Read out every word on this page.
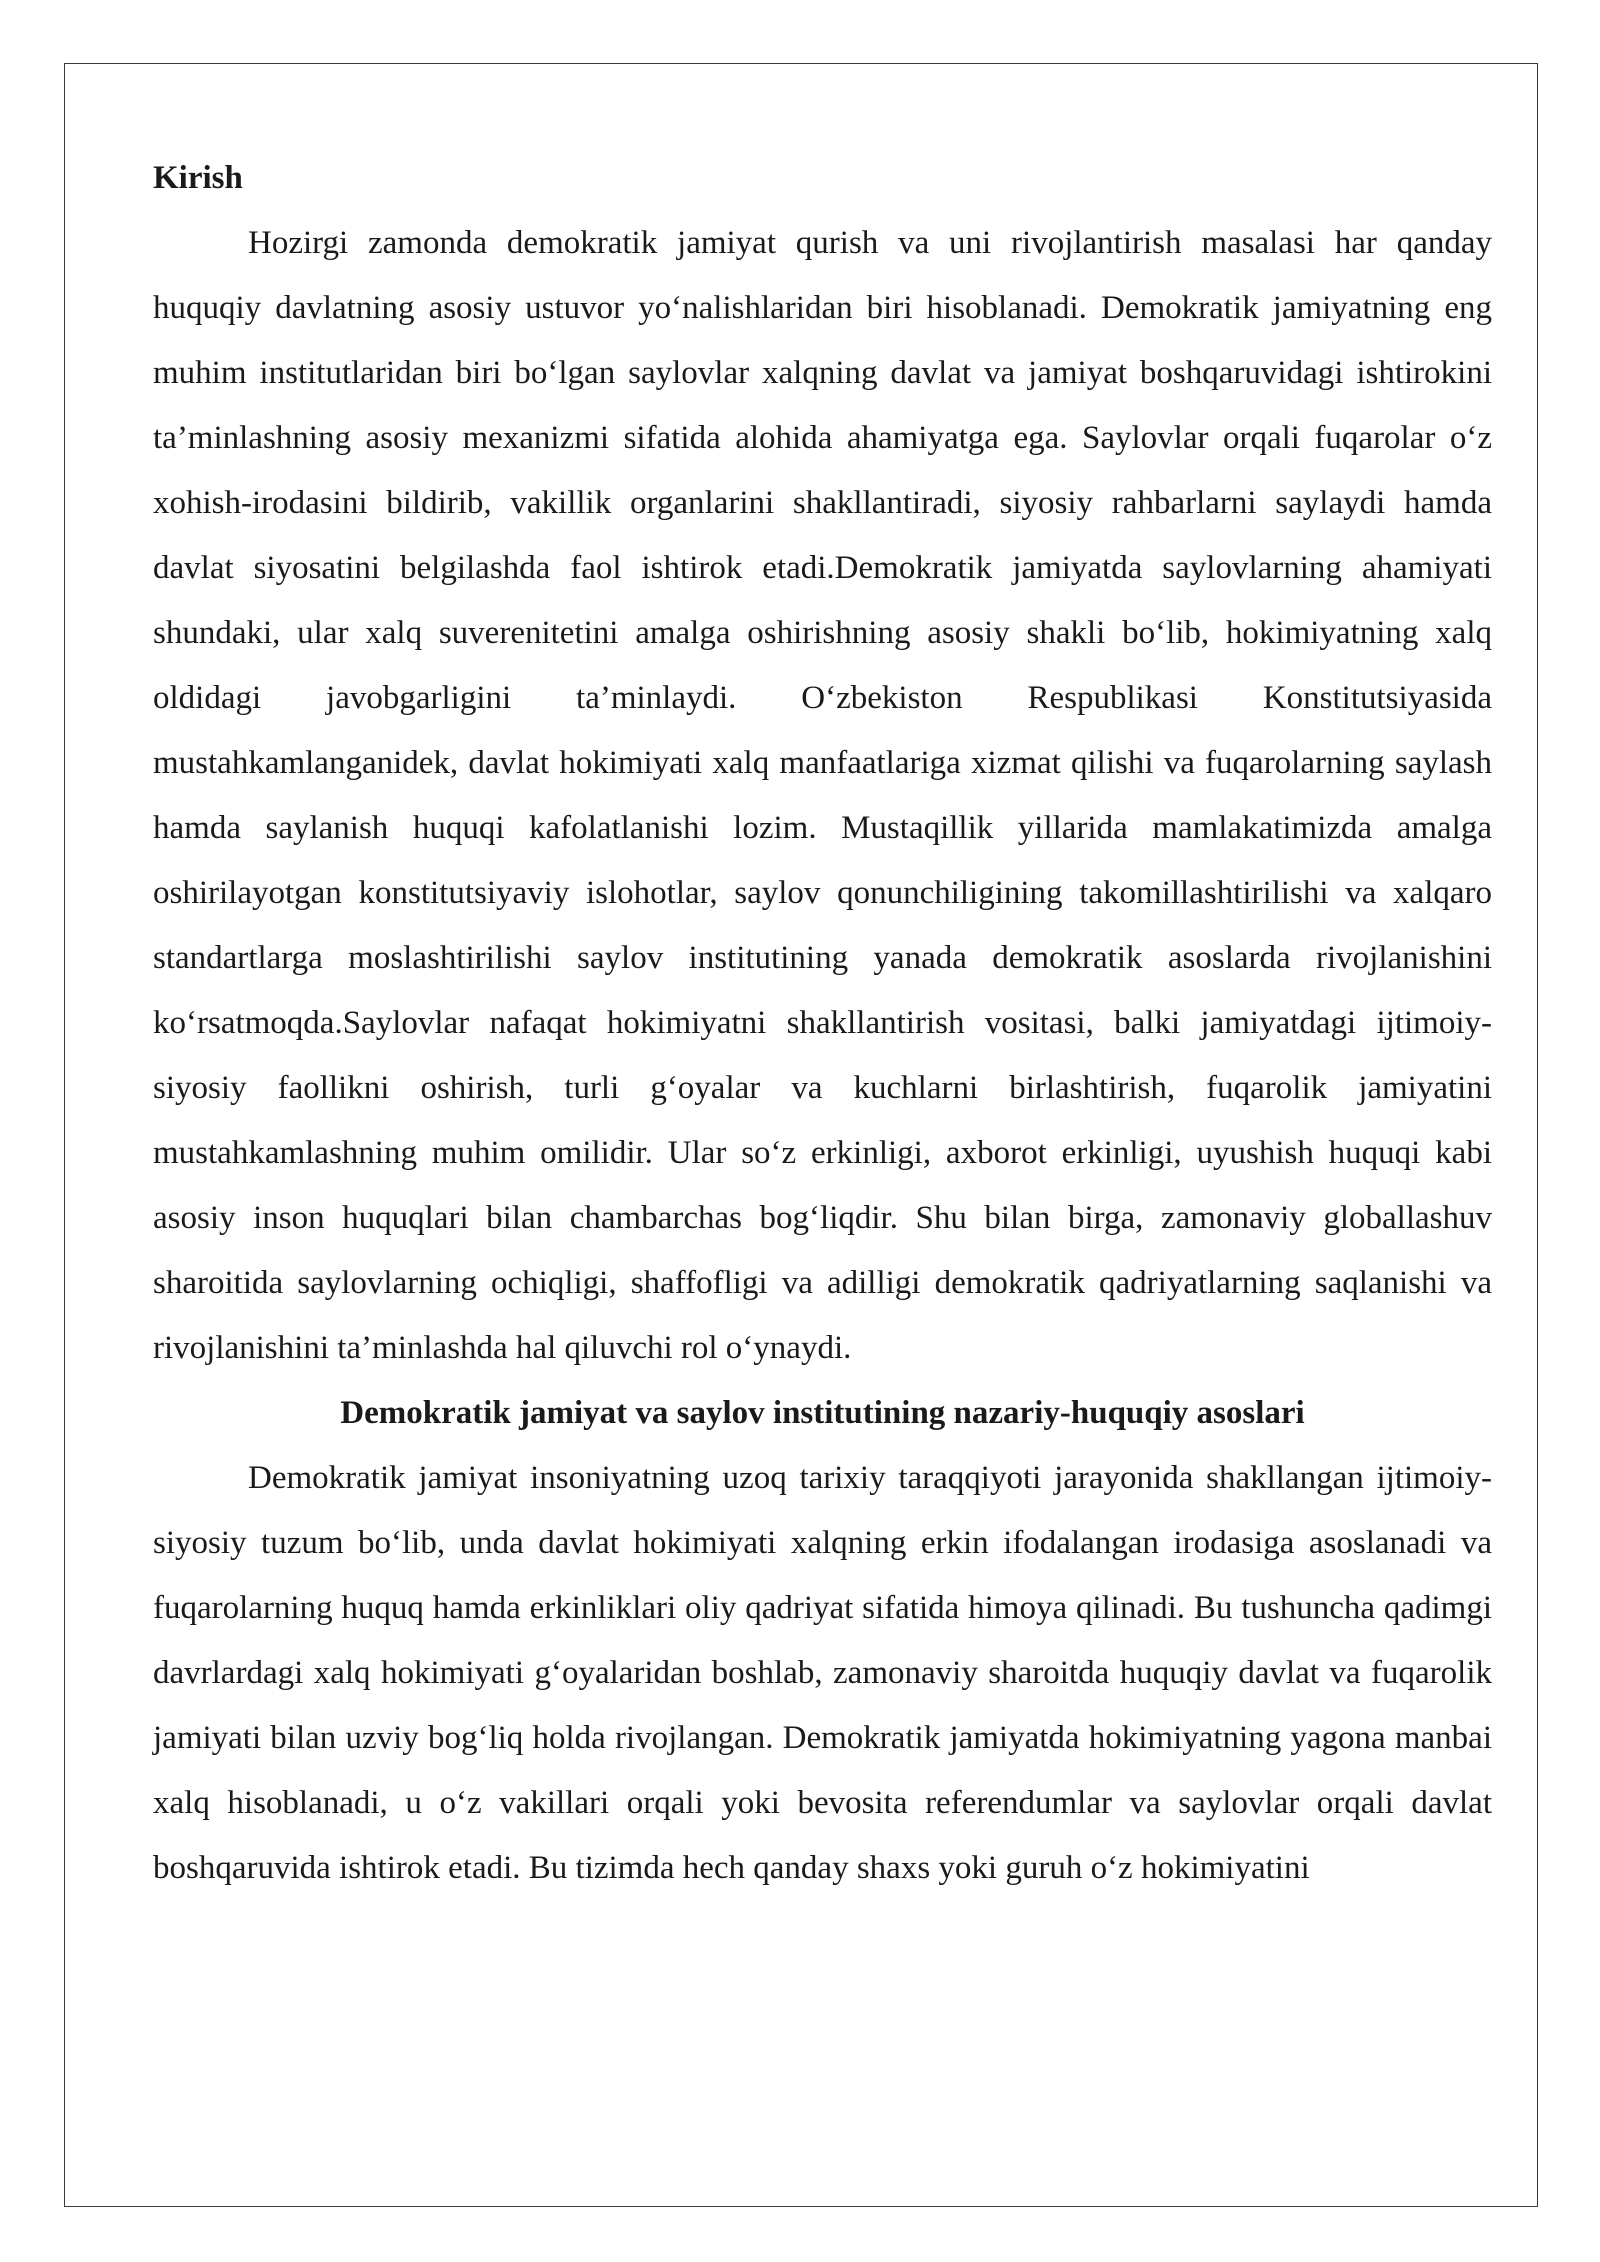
Kirish

Hozirgi zamonda demokratik jamiyat qurish va uni rivojlantirish masalasi har qanday huquqiy davlatning asosiy ustuvor yo‘nalishlaridan biri hisoblanadi. Demokratik jamiyatning eng muhim institutlaridan biri bo‘lgan saylovlar xalqning davlat va jamiyat boshqaruvidagi ishtirokini ta’minlashning asosiy mexanizmi sifatida alohida ahamiyatga ega. Saylovlar orqali fuqarolar o‘z xohish-irodasini bildirib, vakillik organlarini shakllantiradi, siyosiy rahbarlarni saylaydi hamda davlat siyosatini belgilashda faol ishtirok etadi.Demokratik jamiyatda saylovlarning ahamiyati shundaki, ular xalq suverenitetini amalga oshirishning asosiy shakli bo‘lib, hokimiyatning xalq oldidagi javobgarligini ta’minlaydi. O‘zbekiston Respublikasi Konstitutsiyasida mustahkamlanganidek, davlat hokimiyati xalq manfaatlariga xizmat qilishi va fuqarolarning saylash hamda saylanish huquqi kafolatlanishi lozim. Mustaqillik yillarida mamlakatimizda amalga oshirilayotgan konstitutsiyaviy islohotlar, saylov qonunchiligining takomillashtirilishi va xalqaro standartlarga moslashtirilishi saylov institutining yanada demokratik asoslarda rivojlanishini ko‘rsatmoqda.Saylovlar nafaqat hokimiyatni shakllantirish vositasi, balki jamiyatdagi ijtimoiy-siyosiy faollikni oshirish, turli g‘oyalar va kuchlarni birlashtirish, fuqarolik jamiyatini mustahkamlashning muhim omilidir. Ular so‘z erkinligi, axborot erkinligi, uyushish huquqi kabi asosiy inson huquqlari bilan chambarchas bog‘liqdir. Shu bilan birga, zamonaviy globallashuv sharoitida saylovlarning ochiqligi, shaffofligi va adilligi demokratik qadriyatlarning saqlanishi va rivojlanishini ta’minlashda hal qiluvchi rol o‘ynaydi.

Demokratik jamiyat va saylov institutining nazariy-huquqiy asoslari

Demokratik jamiyat insoniyatning uzoq tarixiy taraqqiyoti jarayonida shakllangan ijtimoiy-siyosiy tuzum bo‘lib, unda davlat hokimiyati xalqning erkin ifodalangan irodasiga asoslanadi va fuqarolarning huquq hamda erkinliklari oliy qadriyat sifatida himoya qilinadi. Bu tushuncha qadimgi davrlardagi xalq hokimiyati g‘oyalaridan boshlab, zamonaviy sharoitda huquqiy davlat va fuqarolik jamiyati bilan uzviy bog‘liq holda rivojlangan. Demokratik jamiyatda hokimiyatning yagona manbai xalq hisoblanadi, u o‘z vakillari orqali yoki bevosita referendumlar va saylovlar orqali davlat boshqaruvida ishtirok etadi. Bu tizimda hech qanday shaxs yoki guruh o‘z hokimiyatini
